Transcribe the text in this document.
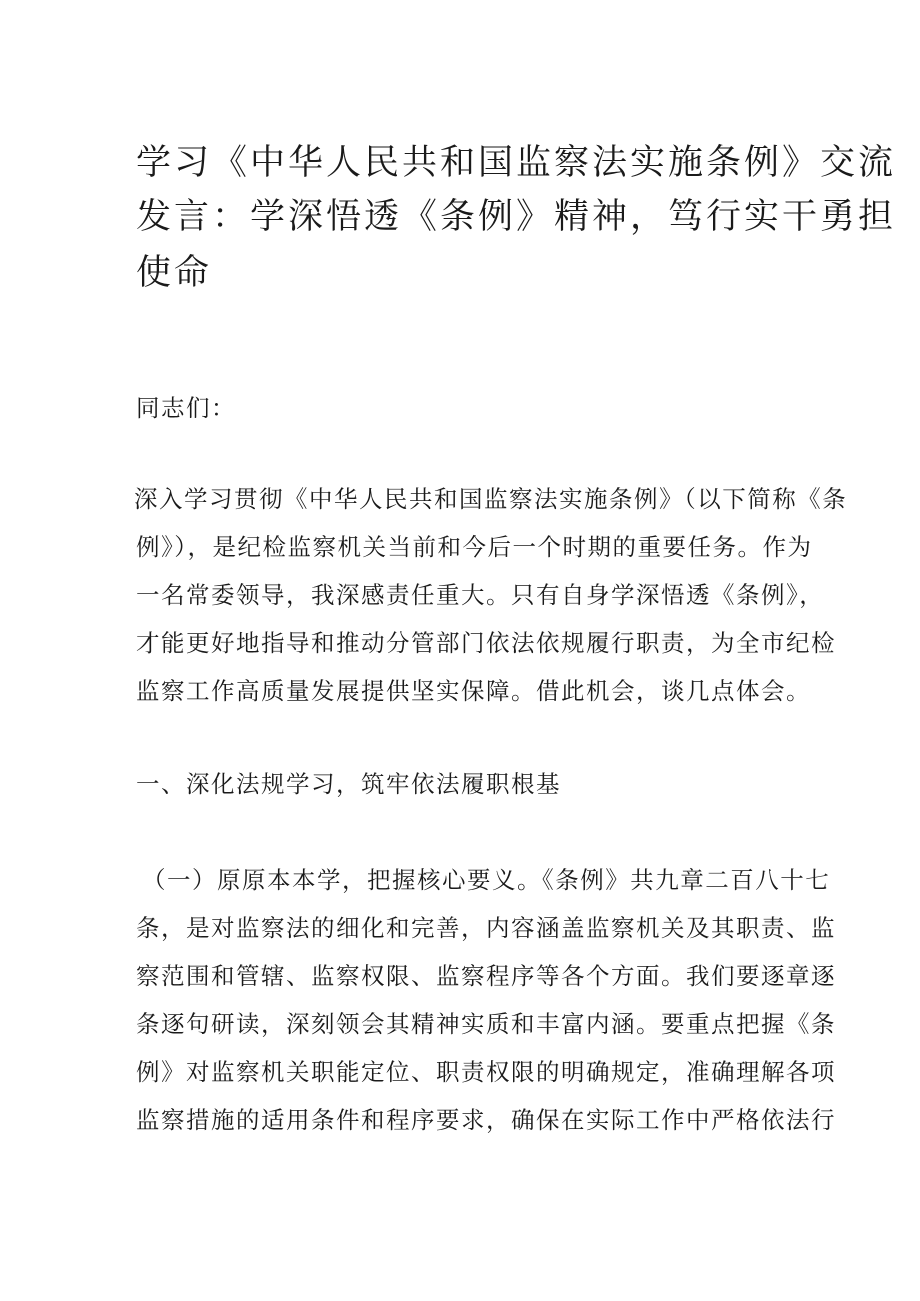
学习《中华人民共和国监察法实施条例》交流
发言：学深悟透《条例》精神，笃行实干勇担
使命
同志们：
深入学习贯彻《中华人民共和国监察法实施条例》（以下简称《条
例》），是纪检监察机关当前和今后一个时期的重要任务。作为
一名常委领导，我深感责任重大。只有自身学深悟透《条例》，
才能更好地指导和推动分管部门依法依规履行职责，为全市纪检
监察工作高质量发展提供坚实保障。借此机会，谈几点体会。
一、深化法规学习，筑牢依法履职根基
（一）原原本本学，把握核心要义。《条例》共九章二百八十七
条，是对监察法的细化和完善，内容涵盖监察机关及其职责、监
察范围和管辖、监察权限、监察程序等各个方面。我们要逐章逐
条逐句研读，深刻领会其精神实质和丰富内涵。要重点把握《条
例》对监察机关职能定位、职责权限的明确规定，准确理解各项
监察措施的适用条件和程序要求，确保在实际工作中严格依法行
